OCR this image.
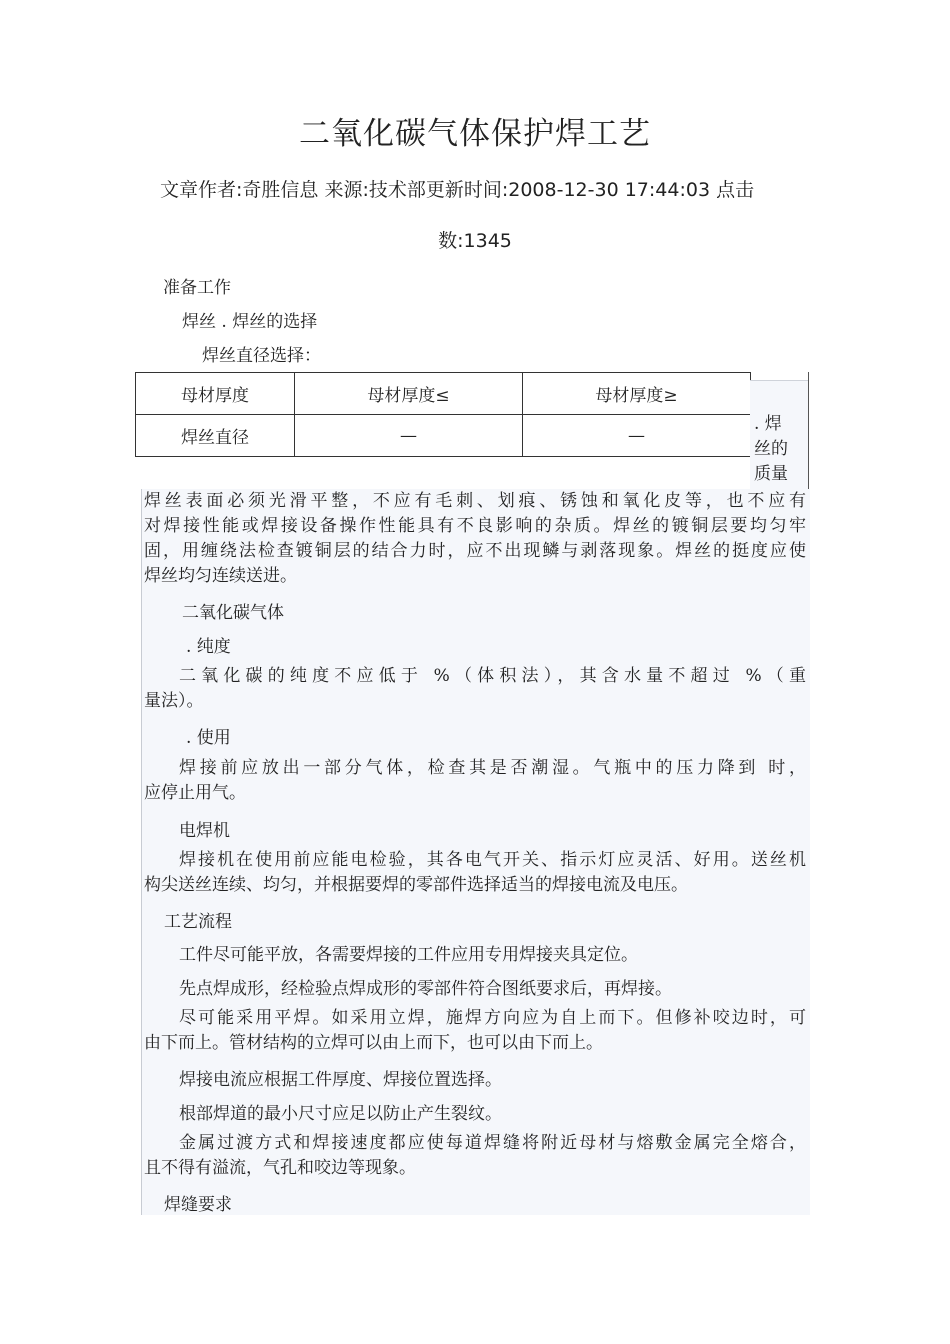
二氧化碳气体保护焊工艺
文章作者:奇胜信息 来源:技术部更新时间:2008-12-30 17:44:03 点击
数:1345
准备工作
焊丝 . 焊丝的选择
焊丝直径选择：
母材厚度	母材厚度≤	母材厚度≥
焊丝直径	—	—
. 焊
丝的
质量
焊丝表面必须光滑平整，不应有毛刺、划痕、锈蚀和氧化皮等，也不应有
对焊接性能或焊接设备操作性能具有不良影响的杂质。焊丝的镀铜层要均匀牢
固，用缠绕法检查镀铜层的结合力时，应不出现鳞与剥落现象。焊丝的挺度应使
焊丝均匀连续送进。
二氧化碳气体
. 纯度
二氧化碳的纯度不应低于 %（体积法），其含水量不超过 %（重
量法）。
. 使用
焊接前应放出一部分气体，检查其是否潮湿。气瓶中的压力降到 时，
应停止用气。
电焊机
焊接机在使用前应能电检验，其各电气开关、指示灯应灵活、好用。送丝机
构尖送丝连续、均匀，并根据要焊的零部件选择适当的焊接电流及电压。
工艺流程
工件尽可能平放，各需要焊接的工件应用专用焊接夹具定位。
先点焊成形，经检验点焊成形的零部件符合图纸要求后，再焊接。
尽可能采用平焊。如采用立焊，施焊方向应为自上而下。但修补咬边时，可
由下而上。管材结构的立焊可以由上而下，也可以由下而上。
焊接电流应根据工件厚度、焊接位置选择。
根部焊道的最小尺寸应足以防止产生裂纹。
金属过渡方式和焊接速度都应使每道焊缝将附近母材与熔敷金属完全熔合，
且不得有溢流，气孔和咬边等现象。
焊缝要求
